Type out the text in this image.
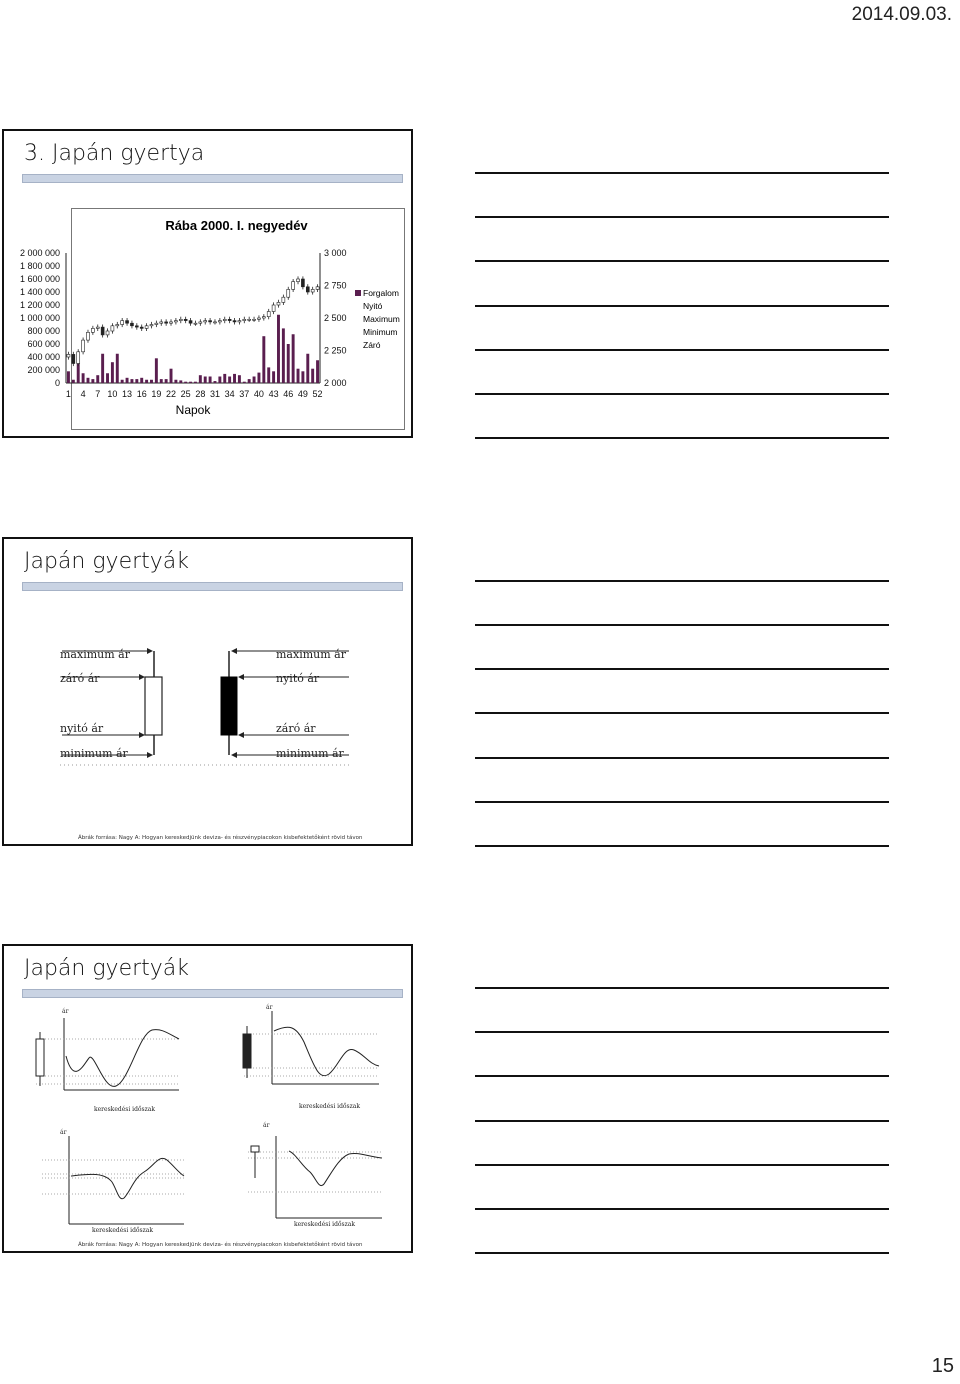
2014.09.03.
3. Japán gyertya
Rába 2000. I. negyedév
0
200 000
400 000
600 000
800 000
1 000 000
1 200 000
1 400 000
1 600 000
1 800 000
2 000 000
2 000
2 250
2 500
2 750
3 000
1 4 7 10 13 16 19 22 25 28 31 34 37 40 43 46 49 52
Napok
Forgalom
Nyitó
Maximum
Minimum
Záró
Japán gyertyák
maximum ár
záró ár
nyitó ár
minimum ár
maximum ár
nyitó ár
záró ár
minimum ár
Ábrák forrása: Nagy A: Hogyan kereskedjünk deviza- és részvénypiacokon kisbefektetőként rövid távon
Japán gyertyák
ár
kereskedési időszak
ár
kereskedési időszak
ár
kereskedési időszak
ár
kereskedési időszak
Ábrák forrása: Nagy A: Hogyan kereskedjünk deviza- és részvénypiacokon kisbefektetőként rövid távon
15
